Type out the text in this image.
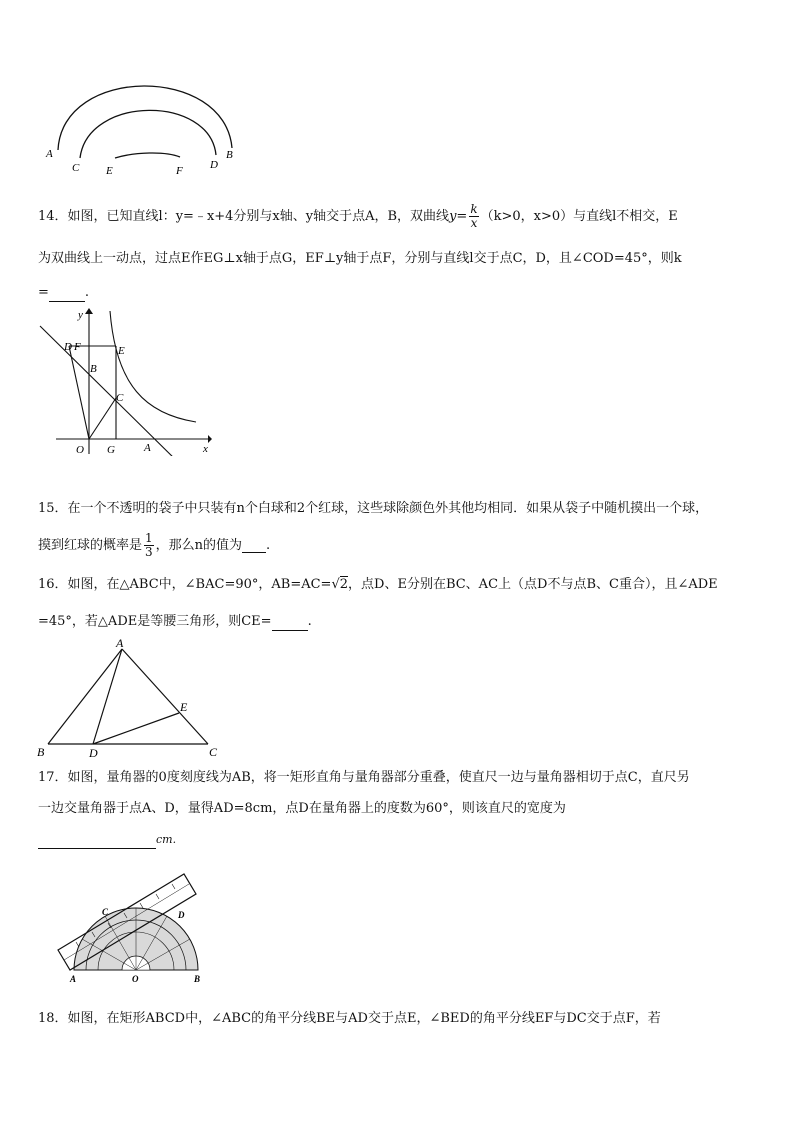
A
C E	F D
B
14．如图，已知直线l：y=﹣x+4分别与x轴、y轴交于点A，B，双曲线$y= \frac{k}{x} (k>0$，x>0）与直线l不相交，E
为双曲线上一动点，过点E作EG⊥x轴于点G，EF⊥y轴于点F，分别与直线l交于点C，D，且∠COD=45°，则k
=	.
y
D F	E
B
C
O G	A	x
15．在一个不透明的袋子中只装有n个白球和2个红球，这些球除颜色外其他均相同．如果从袋子中随机摸出一个球，
摸到红球的概率是 $\frac{1}{3}$ ，那么n的值为 .
16．如图，在△ABC中，∠BAC=90°，AB=AC=√2，点D、E分别在BC、AC上（点D不与点B、C重合），且∠ADE
=45°，若△ADE是等腰三角形，则CE=	.
A
E
B	D	C
17．如图，量角器的0度刻度线为AB，将一矩形直角与量角器部分重叠，使直尺一边与量角器相切于点C，直尺另
一边交量角器于点A、D，量得AD=8cm，点D在量角器上的度数为60°，则该直尺的宽度为
cm.
C	D
A	O	B
18．如图，在矩形ABCD中，∠ABC的角平分线BE与AD交于点E，∠BED的角平分线EF与DC交于点F，若
